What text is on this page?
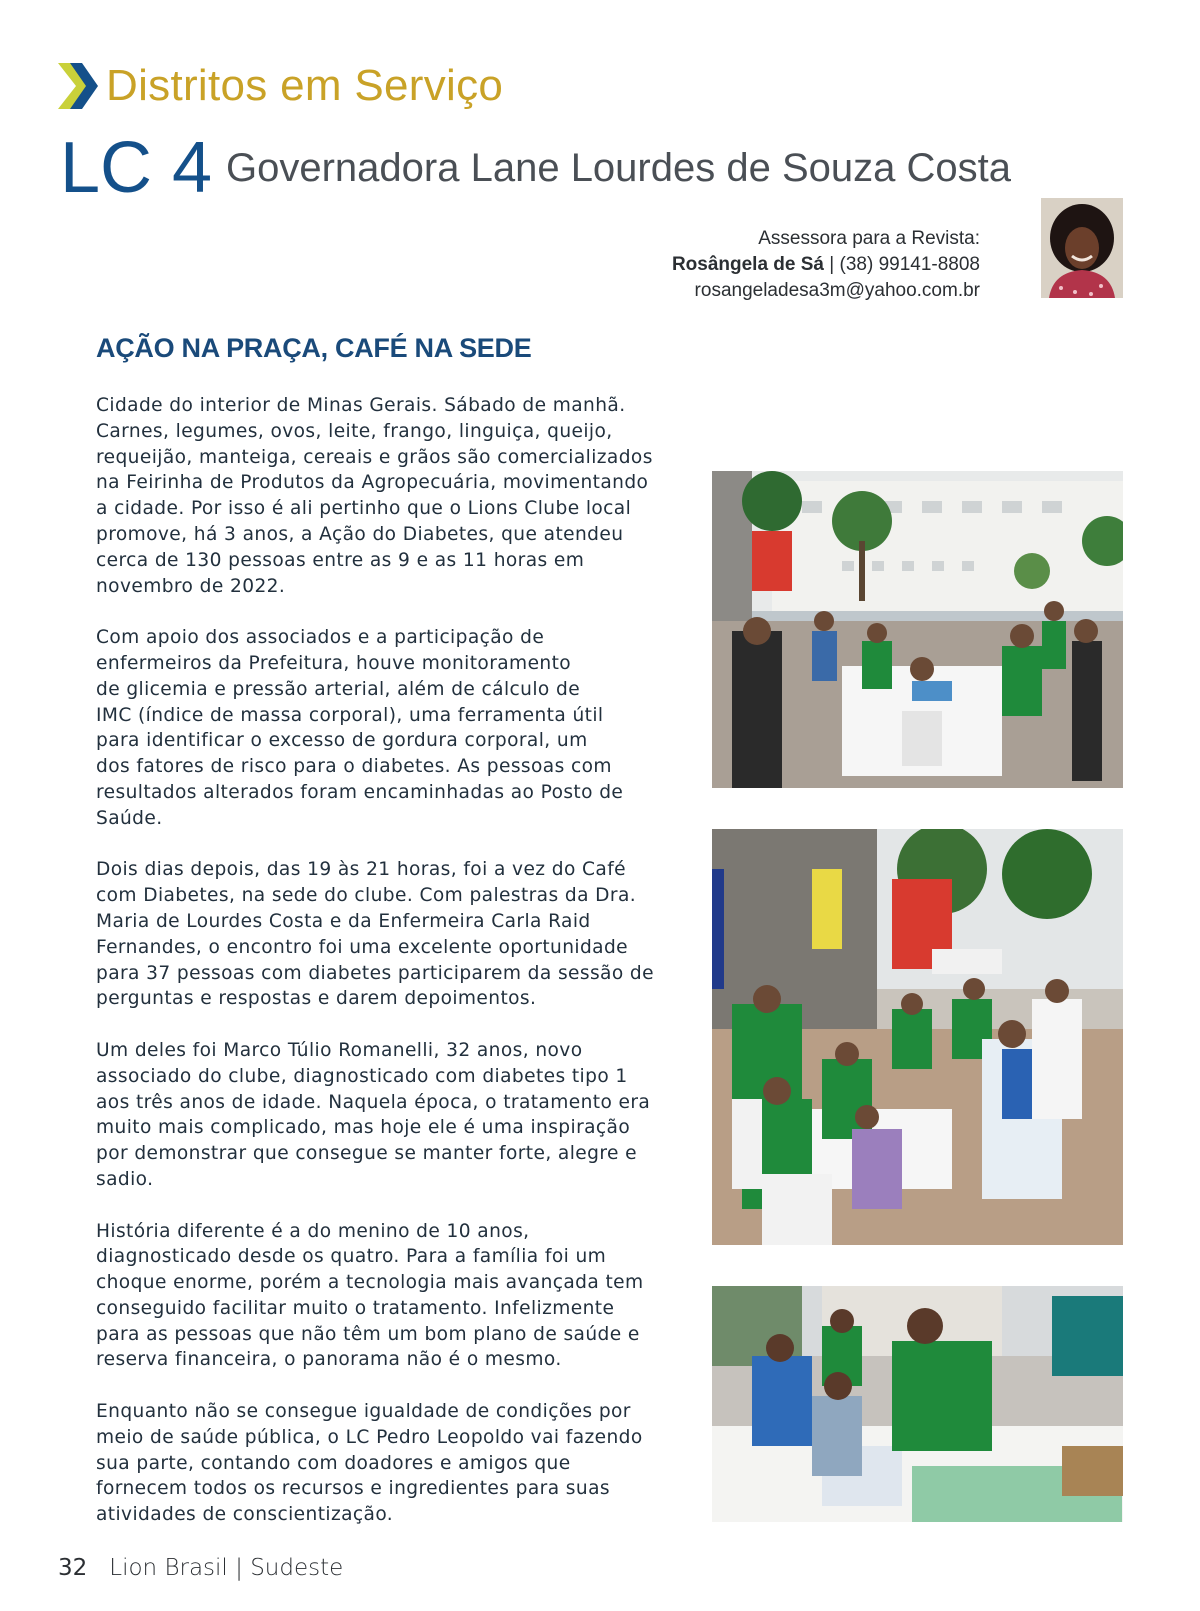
Distritos em Serviço
LC 4 Governadora Lane Lourdes de Souza Costa
Assessora para a Revista:
Rosângela de Sá | (38) 99141-8808
rosangeladesa3m@yahoo.com.br
AÇÃO NA PRAÇA, CAFÉ NA SEDE

Cidade do interior de Minas Gerais. Sábado de manhã.
Carnes, legumes, ovos, leite, frango, linguiça, queijo,
requeijão, manteiga, cereais e grãos são comercializados
na Feirinha de Produtos da Agropecuária, movimentando
a cidade. Por isso é ali pertinho que o Lions Clube local
promove, há 3 anos, a Ação do Diabetes, que atendeu
cerca de 130 pessoas entre as 9 e as 11 horas em
novembro de 2022.

Com apoio dos associados e a participação de
enfermeiros da Prefeitura, houve monitoramento
de glicemia e pressão arterial, além de cálculo de
IMC (índice de massa corporal), uma ferramenta útil
para identificar o excesso de gordura corporal, um
dos fatores de risco para o diabetes. As pessoas com
resultados alterados foram encaminhadas ao Posto de
Saúde.

Dois dias depois, das 19 às 21 horas, foi a vez do Café
com Diabetes, na sede do clube. Com palestras da Dra.
Maria de Lourdes Costa e da Enfermeira Carla Raid
Fernandes, o encontro foi uma excelente oportunidade
para 37 pessoas com diabetes participarem da sessão de
perguntas e respostas e darem depoimentos.

Um deles foi Marco Túlio Romanelli, 32 anos, novo
associado do clube, diagnosticado com diabetes tipo 1
aos três anos de idade. Naquela época, o tratamento era
muito mais complicado, mas hoje ele é uma inspiração
por demonstrar que consegue se manter forte, alegre e
sadio.

História diferente é a do menino de 10 anos,
diagnosticado desde os quatro. Para a família foi um
choque enorme, porém a tecnologia mais avançada tem
conseguido facilitar muito o tratamento. Infelizmente
para as pessoas que não têm um bom plano de saúde e
reserva financeira, o panorama não é o mesmo.

Enquanto não se consegue igualdade de condições por
meio de saúde pública, o LC Pedro Leopoldo vai fazendo
sua parte, contando com doadores e amigos que
fornecem todos os recursos e ingredientes para suas
atividades de conscientização.

32 Lion Brasil | Sudeste
